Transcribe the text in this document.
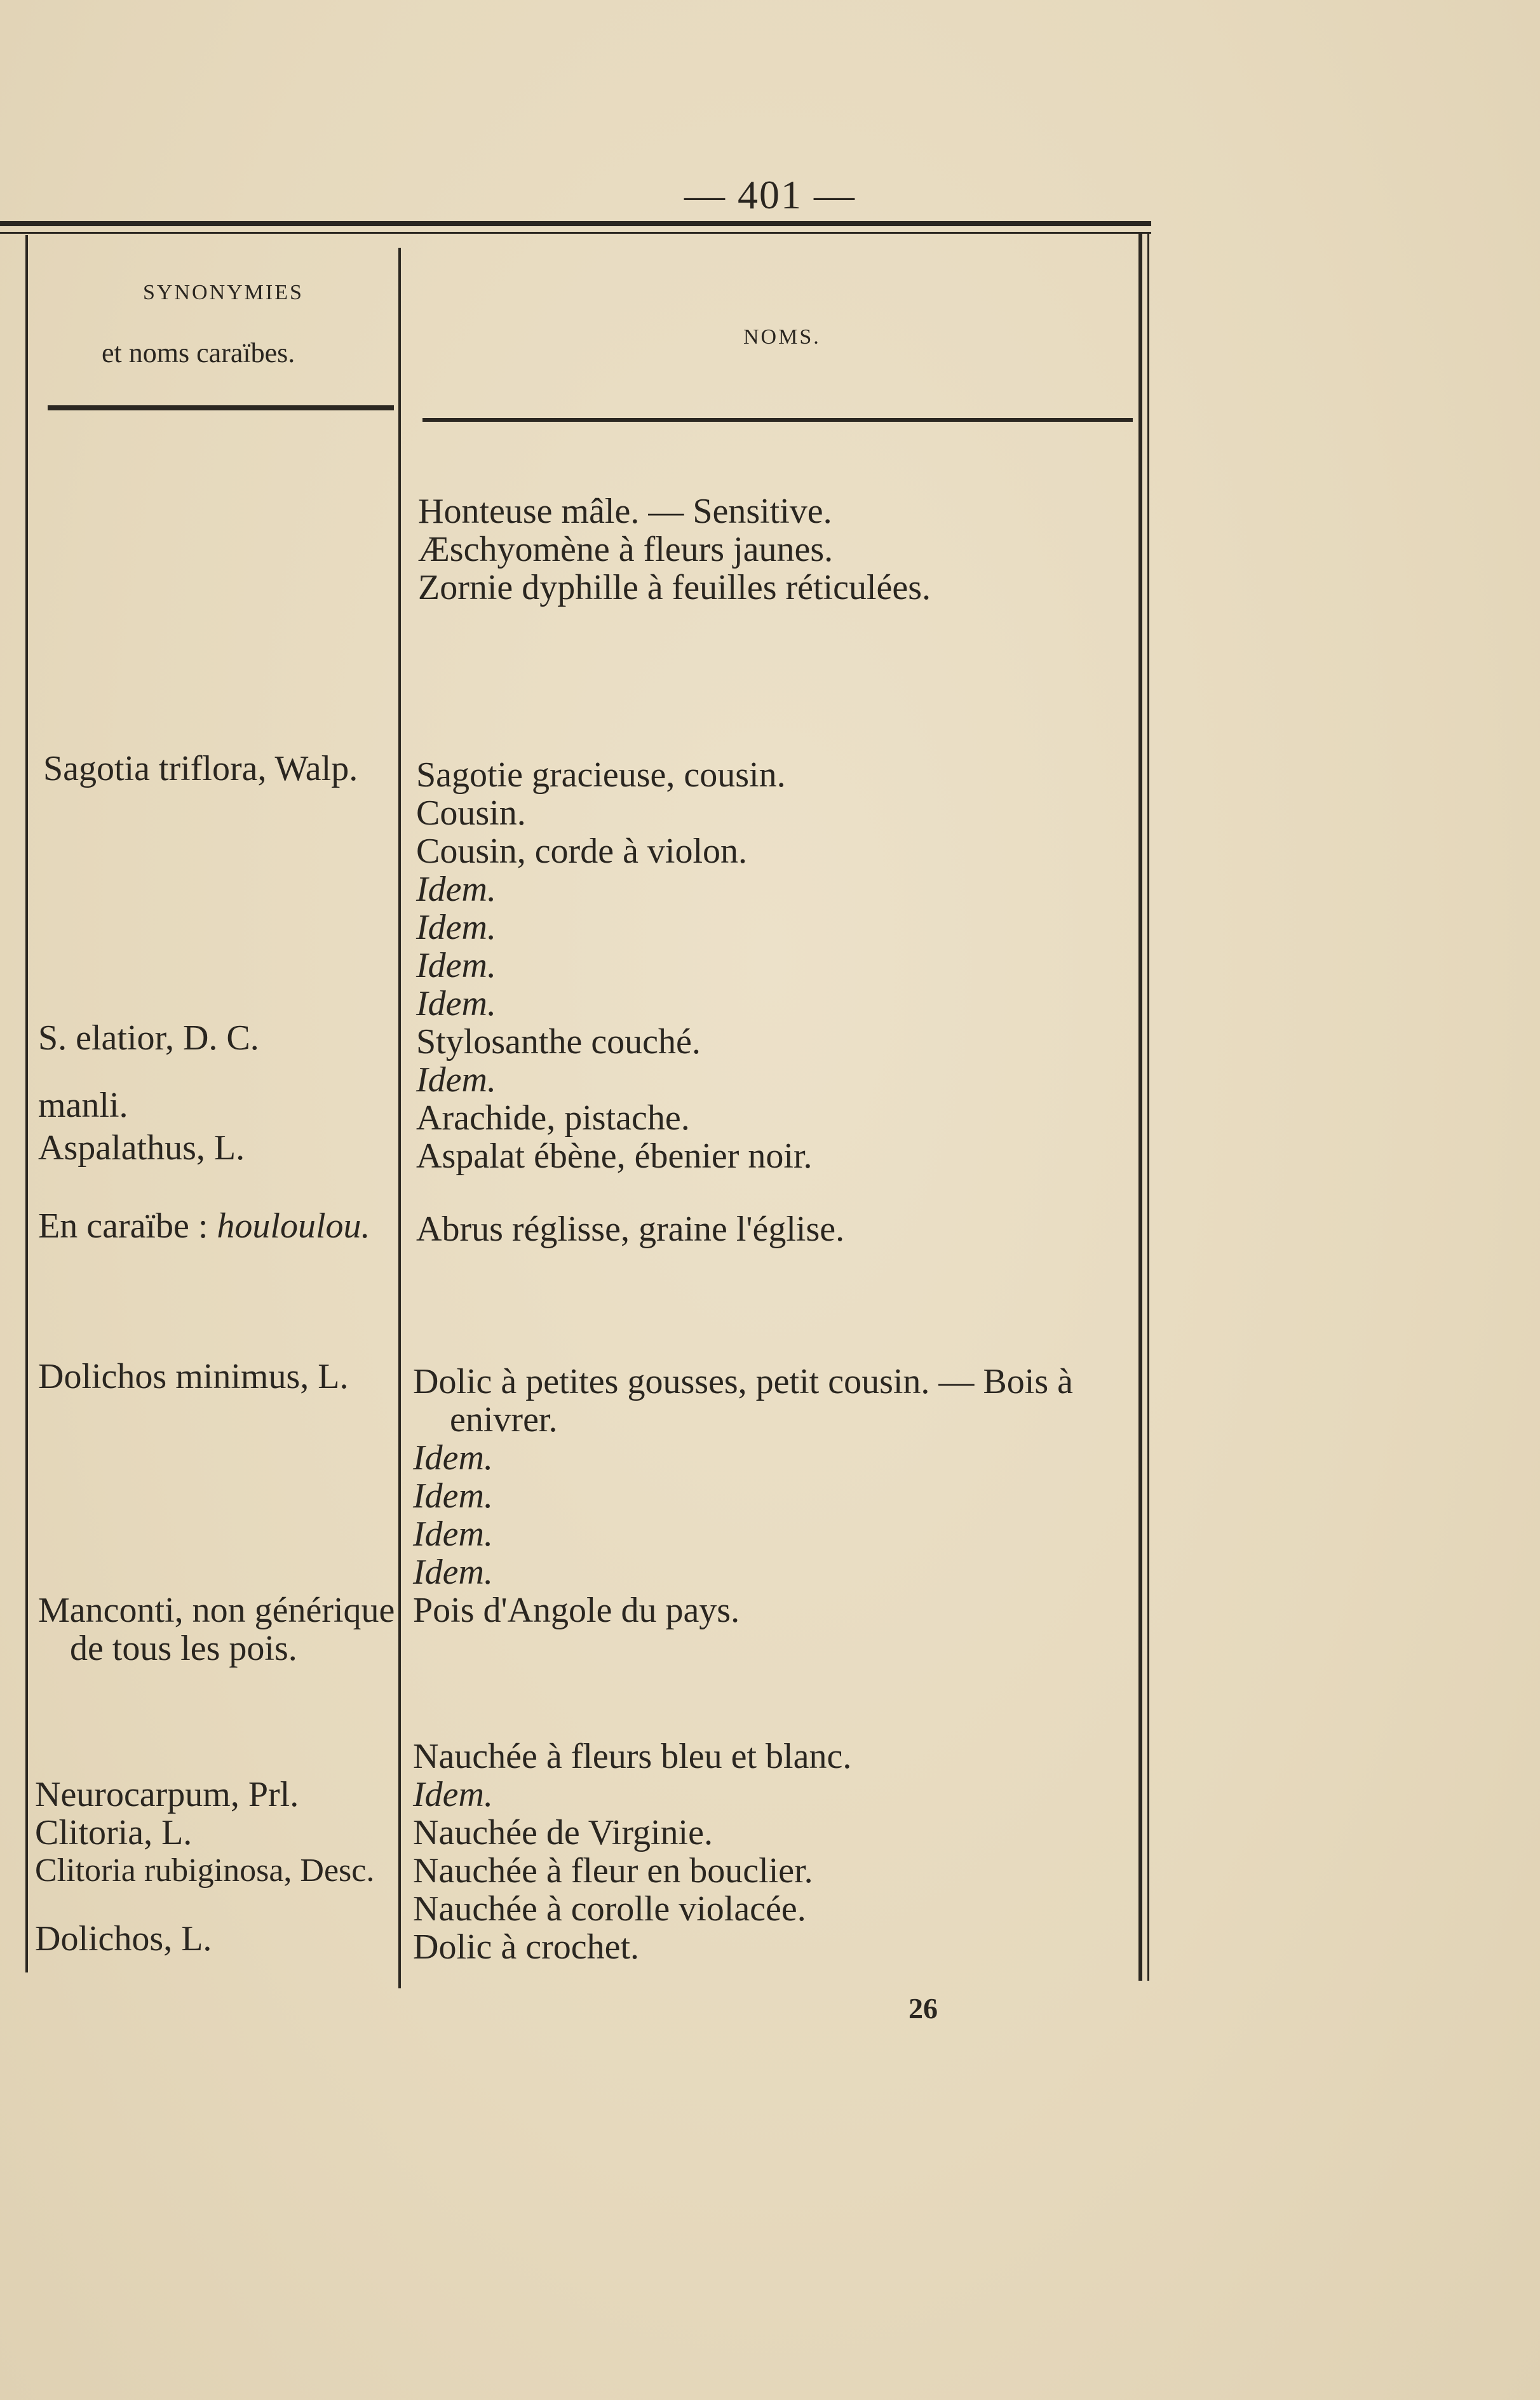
— 401 —
SYNONYMIES
et noms caraïbes.
NOMS.
Sagotia triflora, Walp.
S. elatior, D. C.
manli.
Aspalathus, L.
En caraïbe : houloulou.
Dolichos minimus, L.
Manconti, non générique
de tous les pois.
Neurocarpum, Prl.
Clitoria, L.
Clitoria rubiginosa, Desc.
Dolichos, L.
Honteuse mâle. — Sensitive.
Æschyomène à fleurs jaunes.
Zornie dyphille à feuilles réticulées.
Sagotie gracieuse, cousin.
Cousin.
Cousin, corde à violon.
Idem.
Idem.
Idem.
Idem.
Stylosanthe couché.
Idem.
Arachide, pistache.
Aspalat ébène, ébenier noir.
Abrus réglisse, graine l'église.
Dolic à petites gousses, petit cousin. — Bois à
enivrer.
Idem.
Idem.
Idem.
Idem.
Pois d'Angole du pays.
Nauchée à fleurs bleu et blanc.
Idem.
Nauchée de Virginie.
Nauchée à fleur en bouclier.
Nauchée à corolle violacée.
Dolic à crochet.
26
